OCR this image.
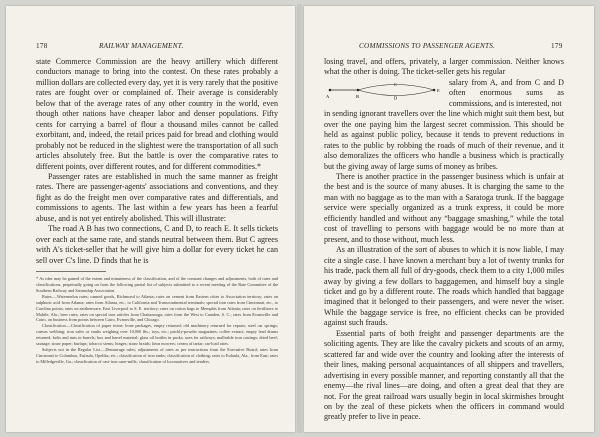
178	RAILWAY MANAGEMENT.

state Commerce Commission are the heavy artillery which different conductors manage to bring into the contest. On these rates probably a million dollars are collected every day, yet it is very rarely that the positive rates are fought over or complained of. Their average is considerably below that of the average rates of any other country in the world, even though other nations have cheaper labor and denser populations. Fifty cents for carrying a barrel of flour a thousand miles cannot be called exorbitant, and, indeed, the retail prices paid for bread and clothing would probably not be reduced in the slightest were the transportation of all such articles absolutely free. But the battle is over the comparative rates to different points, over different routes, and for different commodities.*

Passenger rates are established in much the same manner as freight rates. There are passenger-agents' associations and conventions, and they fight as do the freight men over comparative rates and differentials, and commissions to agents. The last within a few years has been a fearful abuse, and is not yet entirely abolished. This will illustrate:

The road A B has two connections, C and D, to reach E. It sells tickets over each at the same rate, and stands neutral between them. But C agrees with A's ticket-seller that he will give him a dollar for every ticket he can sell over C's line. D finds that he is

* As idea may be gained of the extent and minuteness of the classification, and of the constant changes and adjustments, both of rates and classifications, perpetually going on from the following partial list of subjects submitted to a recent meeting of the Rate Committee of the Southern Railway and Steamship Association.

Rates.—Watermelon rates; canned goods, Richmond to Atlanta; rates on cement from Eastern cities to Association territory; rates on sulphuric acid from Atlanta; rates from Atlanta, etc., to California and Transcontinental terminals; special iron rates from Cincinnati, etc., to Carolina points; rates on earthenware, East Liverpool to S. E. territory; rates on cotton bags to Memphis from Atlanta; rates on fertilizers to Mobile, Ala.; beer rates; rates on special iron articles from Chattanooga; rates from the West to Camden, S. C.; rates from Evansville and Cairo, on business from points between Cairo, Evansville, and Chicago.

Classification.—Classification of paper twine; bone packages, empty returned; old machinery returned for repairs; steel car springs; canvas webbing; iron safes or vaults weighing over 10,000 lbs.; toys, etc.; prickly-powder magazines; coffee extract; empty lead drums returned; bolts and nuts in barrels; box and barrel material; glass oil bottles in packs; axes for railways; malleable iron castings; dried beef; sausage; straw paper; burlaps; tobacco stems; hinges; straw braids; lawn mowers; cream of tartar; car-load rates.

Subjects not in the Regular List.—Demurrage rules; adjustments of rates as per instructions from the Executive Board; rates from Cincinnati to Columbus, Eufaula, Opelika, etc.; classification of iron tanks; classification of clothing; rates to Eufaula, Ala., from East; rates to Milledgeville, Ga.; classification of cast-iron cane-mills; classification of locomotives and tenders.

COMMISSIONS TO PASSENGER AGENTS.	179

losing travel, and offers, privately, a larger commission. Neither knows what the other is doing. The ticket-seller gets his regular

A	B
C
D
E
salary from A, and from C and D often enormous sums as commissions, and is interested, not

in sending ignorant travellers over the line which might suit them best, but over the one paying him the largest secret commission. This should be held as against public policy, because it tends to prevent reductions in rates to the public by robbing the roads of much of their revenue, and it also demoralizes the officers who handle a business which is practically but the giving away of large sums of money as bribes.

There is another practice in the passenger business which is unfair at the best and is the source of many abuses. It is charging the same to the man with no baggage as to the man with a Saratoga trunk. If the baggage service were specially organized as a trunk express, it could be more efficiently handled and without any “baggage smashing,” while the total cost of travelling to persons with baggage would be no more than at present, and to those without, much less.

As an illustration of the sort of abuses to which it is now liable, I may cite a single case. I have known a merchant buy a lot of twenty trunks for his trade, pack them all full of dry-goods, check them to a city 1,000 miles away by giving a few dollars to baggagemen, and himself buy a single ticket and go by a different route. The roads which handled that baggage imagined that it belonged to their passengers, and were never the wiser. While the baggage service is free, no efficient checks can be provided against such frauds.

Essential parts of both freight and passenger departments are the soliciting agents. They are like the cavalry pickets and scouts of an army, scattered far and wide over the country and looking after the interests of their lines, making personal acquaintances of all shippers and travellers, advertising in every possible manner, and reporting constantly all that the enemy—the rival lines—are doing, and often a great deal that they are not. For the great railroad wars usually begin in local skirmishes brought on by the zeal of these pickets when the officers in command would greatly prefer to live in peace.
